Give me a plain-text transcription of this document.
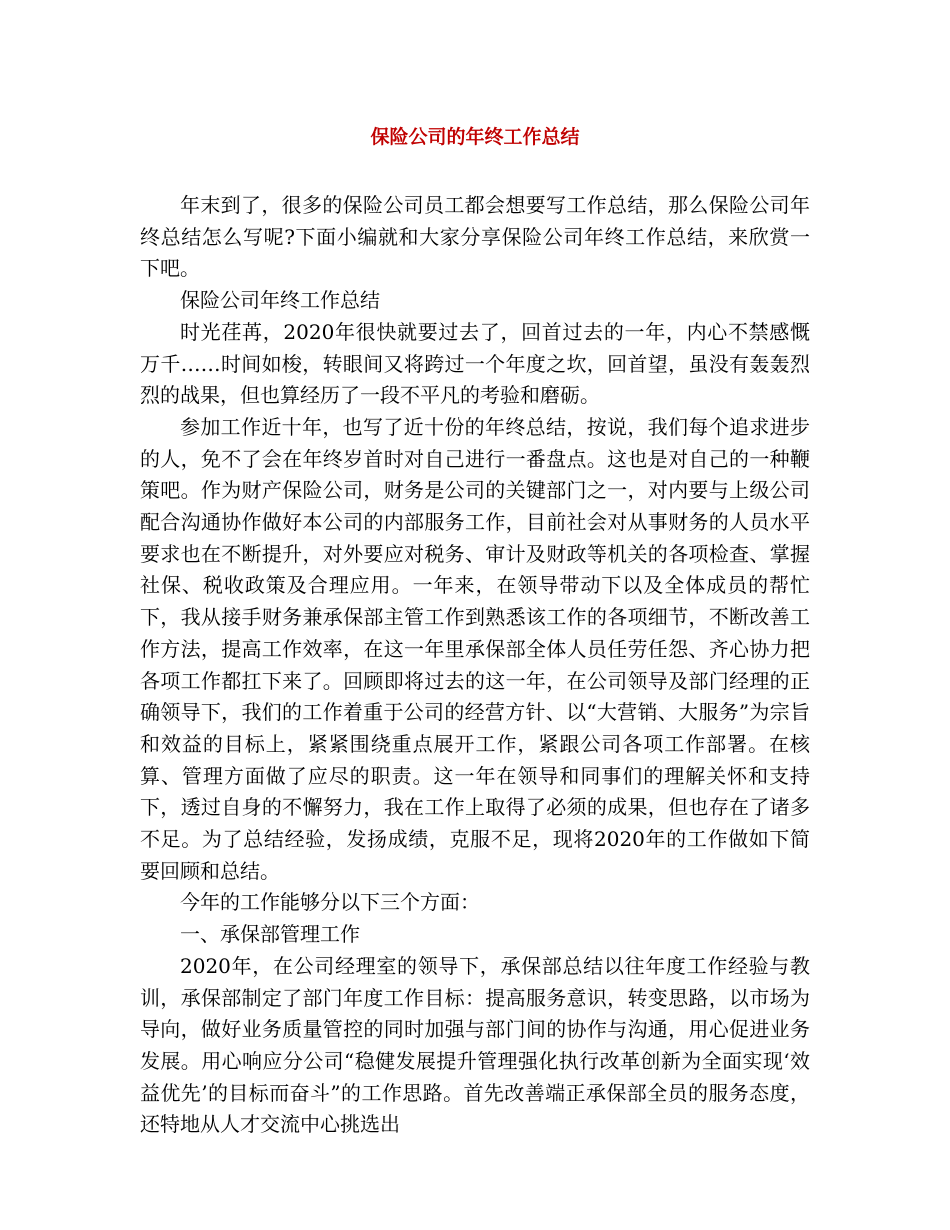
保险公司的年终工作总结

年末到了，很多的保险公司员工都会想要写工作总结，那么保险公司年终总结怎么写呢?下面小编就和大家分享保险公司年终工作总结，来欣赏一下吧。

保险公司年终工作总结

时光荏苒，2020年很快就要过去了，回首过去的一年，内心不禁感慨万千……时间如梭，转眼间又将跨过一个年度之坎，回首望，虽没有轰轰烈烈的战果，但也算经历了一段不平凡的考验和磨砺。

参加工作近十年，也写了近十份的年终总结，按说，我们每个追求进步的人，免不了会在年终岁首时对自己进行一番盘点。这也是对自己的一种鞭策吧。作为财产保险公司，财务是公司的关键部门之一，对内要与上级公司配合沟通协作做好本公司的内部服务工作，目前社会对从事财务的人员水平要求也在不断提升，对外要应对税务、审计及财政等机关的各项检查、掌握社保、税收政策及合理应用。一年来，在领导带动下以及全体成员的帮忙下，我从接手财务兼承保部主管工作到熟悉该工作的各项细节，不断改善工作方法，提高工作效率，在这一年里承保部全体人员任劳任怨、齐心协力把各项工作都扛下来了。回顾即将过去的这一年，在公司领导及部门经理的正确领导下，我们的工作着重于公司的经营方针、以“大营销、大服务”为宗旨和效益的目标上，紧紧围绕重点展开工作，紧跟公司各项工作部署。在核算、管理方面做了应尽的职责。这一年在领导和同事们的理解关怀和支持下，透过自身的不懈努力，我在工作上取得了必须的成果，但也存在了诸多不足。为了总结经验，发扬成绩，克服不足，现将2020年的工作做如下简要回顾和总结。

今年的工作能够分以下三个方面：

一、承保部管理工作

2020年，在公司经理室的领导下，承保部总结以往年度工作经验与教训，承保部制定了部门年度工作目标：提高服务意识，转变思路，以市场为导向，做好业务质量管控的同时加强与部门间的协作与沟通，用心促进业务发展。用心响应分公司“稳健发展提升管理强化执行改革创新为全面实现‘效益优先’的目标而奋斗”的工作思路。首先改善端正承保部全员的服务态度，还特地从人才交流中心挑选出
